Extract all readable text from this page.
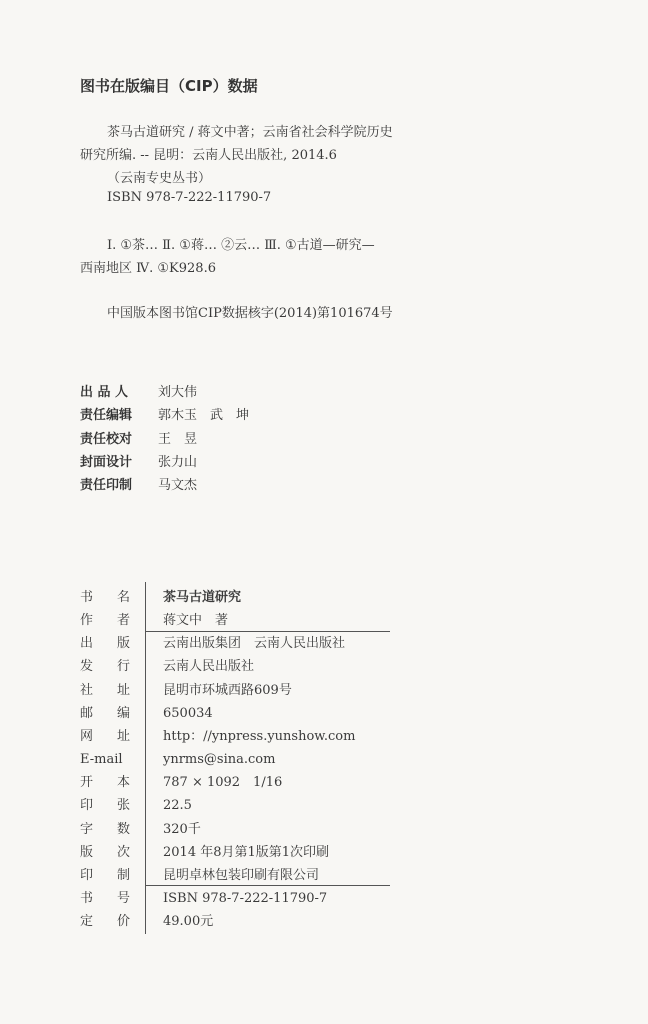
图书在版编目（CIP）数据
茶马古道研究 / 蒋文中著；云南省社会科学院历史
研究所编. -- 昆明：云南人民出版社, 2014.6
（云南专史丛书）
ISBN 978-7-222-11790-7
Ⅰ. ①茶… Ⅱ. ①蒋… ②云… Ⅲ. ①古道—研究—
西南地区 Ⅳ. ①K928.6
中国版本图书馆CIP数据核字(2014)第101674号
出 品 人 刘大伟
责任编辑 郭木玉　武　坤
责任校对 王　昱
封面设计 张力山
责任印制 马文杰
书名	茶马古道研究
作者	蒋文中　著
出版	云南出版集团　云南人民出版社
发行	云南人民出版社
社址	昆明市环城西路609号
邮编	650034
网址	http：//ynpress.yunshow.com
E-mail	ynrms@sina.com
开本	787 × 1092　1/16
印张	22.5
字数	320千
版次	2014 年8月第1版第1次印刷
印制	昆明卓林包装印刷有限公司
书号	ISBN 978-7-222-11790-7
定价	49.00元
